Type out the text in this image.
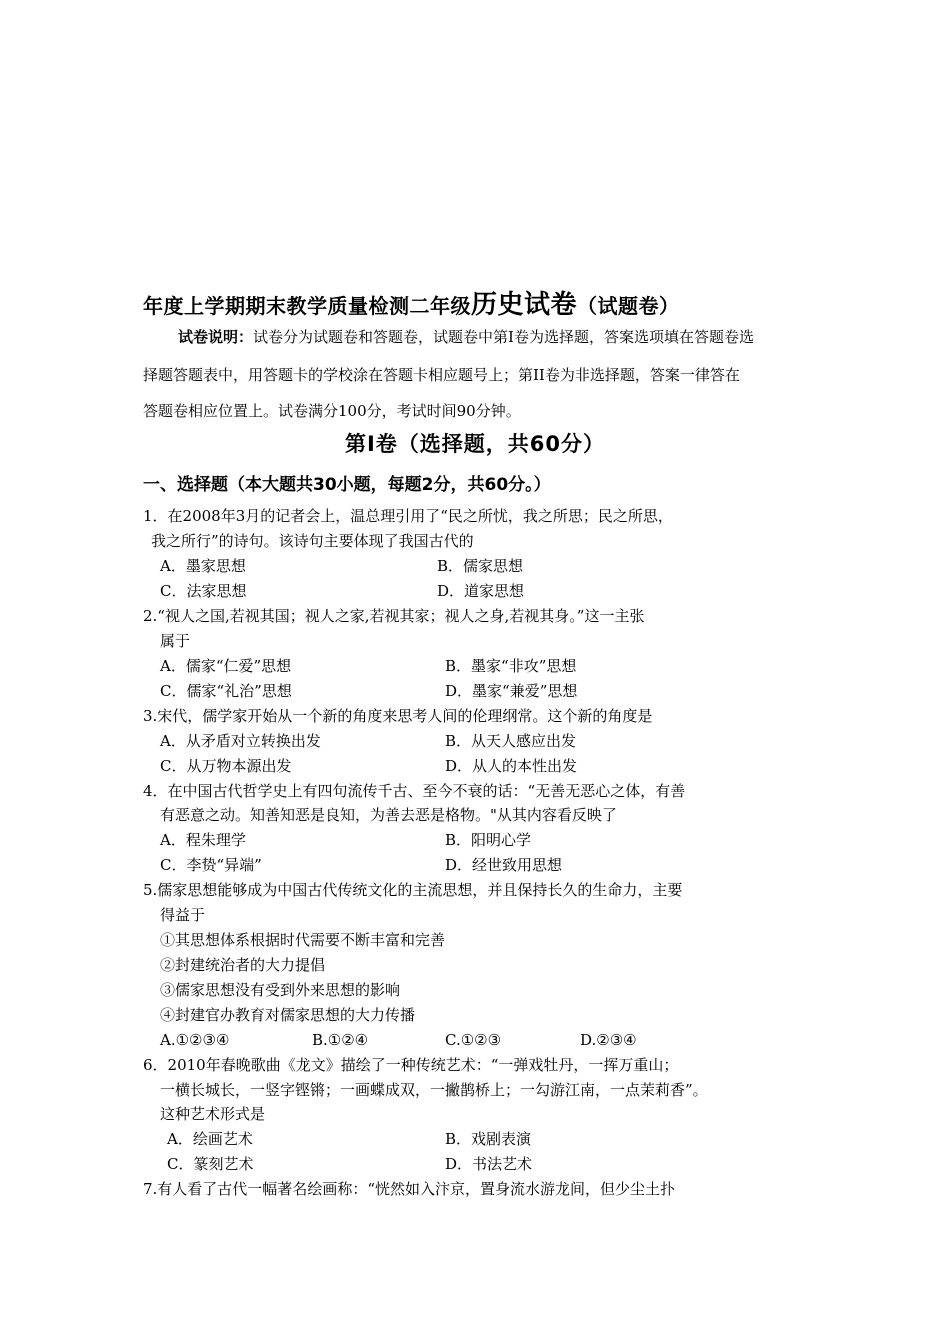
年度上学期期末教学质量检测二年级历史试卷（试题卷）
试卷说明：试卷分为试题卷和答题卷，试题卷中第I卷为选择题，答案选项填在答题卷选
择题答题表中，用答题卡的学校涂在答题卡相应题号上；第II卷为非选择题，答案一律答在
答题卷相应位置上。试卷满分100分，考试时间90分钟。
第Ⅰ卷（选择题，共60分）
一、选择题（本大题共30小题，每题2分，共60分。）
1．在2008年3月的记者会上，温总理引用了“民之所忧，我之所思；民之所思，
我之所行”的诗句。该诗句主要体现了我国古代的
A．墨家思想	B．儒家思想
C．法家思想	D．道家思想
2.“视人之国,若视其国；视人之家,若视其家；视人之身,若视其身。”这一主张
属于
A．儒家“仁爱”思想	B．墨家“非攻”思想
C．儒家“礼治”思想	D．墨家“兼爱”思想
3.宋代，儒学家开始从一个新的角度来思考人间的伦理纲常。这个新的角度是
A．从矛盾对立转换出发	B．从天人感应出发
C．从万物本源出发	D．从人的本性出发
4．在中国古代哲学史上有四句流传千古、至今不衰的话：“无善无恶心之体，有善
有恶意之动。知善知恶是良知，为善去恶是格物。"从其内容看反映了
A．程朱理学	B．阳明心学
C．李贽“异端”	D．经世致用思想
5.儒家思想能够成为中国古代传统文化的主流思想，并且保持长久的生命力，主要
得益于
①其思想体系根据时代需要不断丰富和完善
②封建统治者的大力提倡
③儒家思想没有受到外来思想的影响
④封建官办教育对儒家思想的大力传播
A.①②③④	B.①②④	C.①②③	D.②③④
6．2010年春晚歌曲《龙文》描绘了一种传统艺术：“一弹戏牡丹，一挥万重山；
一横长城长，一竖字铿锵；一画蝶成双，一撇鹊桥上；一勾游江南，一点茉莉香”。
这种艺术形式是
A．绘画艺术	B．戏剧表演
C．篆刻艺术	D．书法艺术
7.有人看了古代一幅著名绘画称：“恍然如入汴京，置身流水游龙间，但少尘土扑
